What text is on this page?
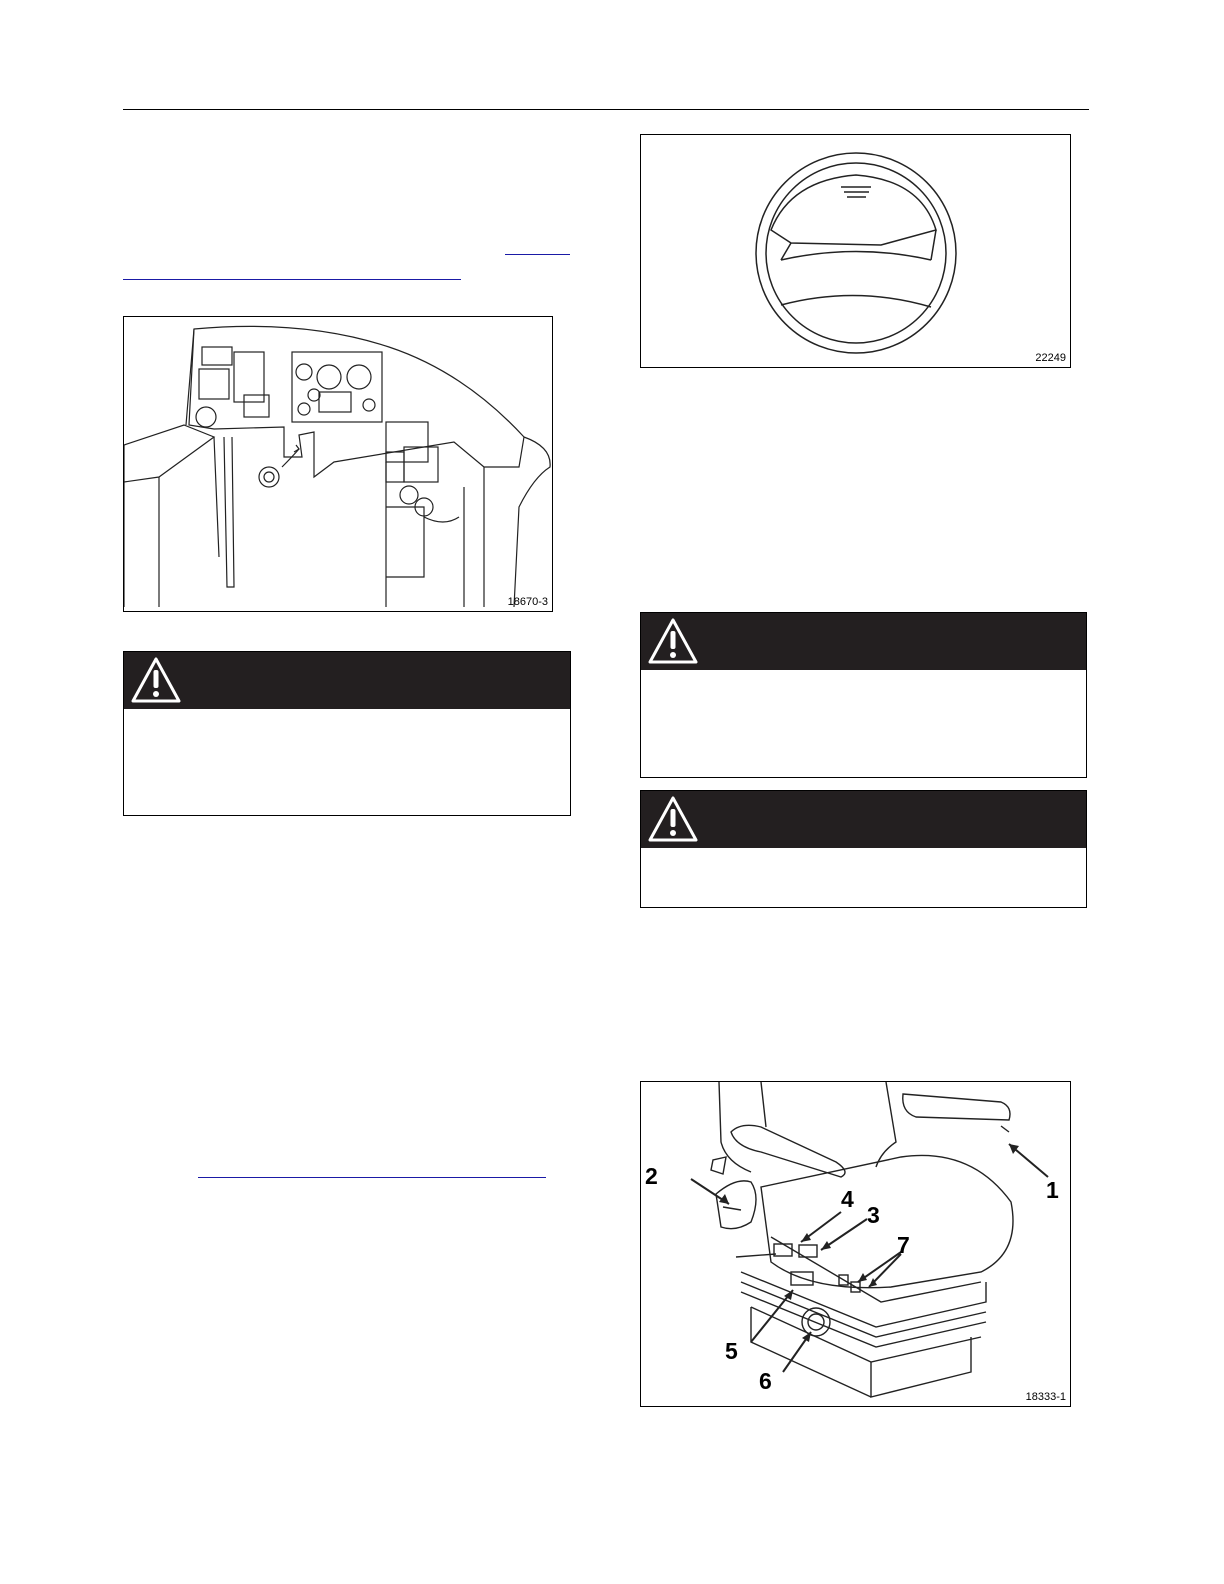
18670-3
22249
1
2
3
4
5
6
7
18333-1
